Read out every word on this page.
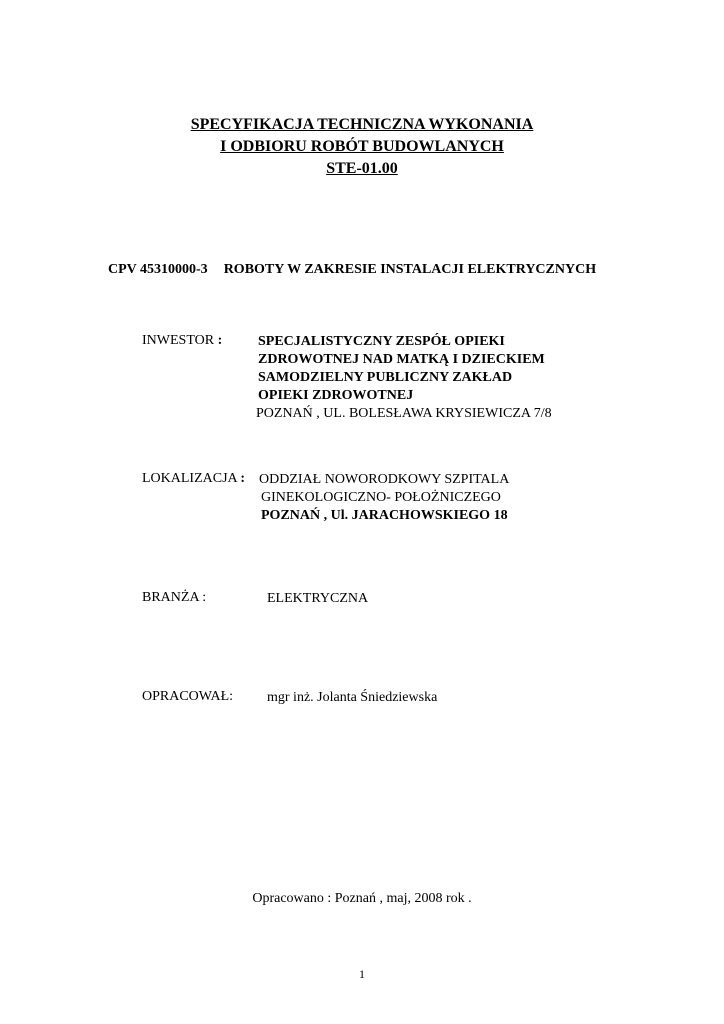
SPECYFIKACJA TECHNICZNA WYKONANIA
I ODBIORU ROBÓT BUDOWLANYCH
STE-01.00
CPV 45310000-3 ROBOTY W ZAKRESIE INSTALACJI ELEKTRYCZNYCH
INWESTOR :	SPECJALISTYCZNY ZESPÓŁ OPIEKI
ZDROWOTNEJ NAD MATKĄ I DZIECKIEM
SAMODZIELNY PUBLICZNY ZAKŁAD
OPIEKI ZDROWOTNEJ
POZNAŃ , UL. BOLESŁAWA KRYSIEWICZA 7/8
LOKALIZACJA : ODDZIAŁ NOWORODKOWY SZPITALA
GINEKOLOGICZNO- POŁOŻNICZEGO
POZNAŃ , Ul. JARACHOWSKIEGO 18
BRANŻA :	ELEKTRYCZNA
OPRACOWAŁ: mgr inż. Jolanta Śniedziewska
Opracowano : Poznań , maj, 2008 rok .
1
